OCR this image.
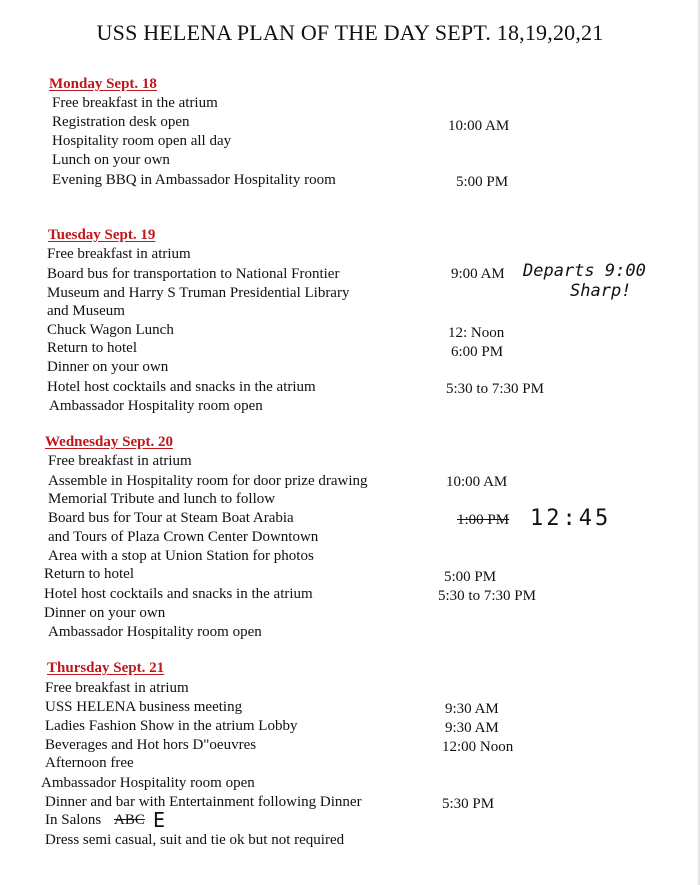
USS HELENA PLAN OF THE DAY SEPT. 18,19,20,21
Monday Sept. 18
Free breakfast in the atrium
Registration desk open
Hospitality room open all day
Lunch on your own
Evening BBQ in Ambassador Hospitality room
10:00 AM
5:00 PM
Tuesday Sept. 19
Free breakfast in atrium
Board bus for transportation to National Frontier
Museum and Harry S Truman Presidential Library
and Museum
Chuck Wagon Lunch
Return to hotel
Dinner on your own
Hotel host cocktails and snacks in the atrium
Ambassador Hospitality room open
9:00 AM
12: Noon
6:00 PM
5:30 to 7:30 PM
Departs 9:00
Sharp!
Wednesday Sept. 20
Free breakfast in atrium
Assemble in Hospitality room for door prize drawing
Memorial Tribute and lunch to follow
Board bus for Tour at Steam Boat Arabia
and Tours of Plaza Crown Center Downtown
Area with a stop at Union Station for photos
Return to hotel
Hotel host cocktails and snacks in the atrium
Dinner on your own
Ambassador Hospitality room open
10:00 AM
1:00 PM
5:00 PM
5:30 to 7:30 PM
12:45
Thursday Sept. 21
Free breakfast in atrium
USS HELENA business meeting
Ladies Fashion Show in the atrium Lobby
Beverages and Hot hors D"oeuvres
Afternoon free
Ambassador Hospitality room open
Dinner and bar with Entertainment following Dinner
In Salons ABC
Dress semi casual, suit and tie ok but not required
9:30 AM
9:30 AM
12:00 Noon
5:30 PM
E
